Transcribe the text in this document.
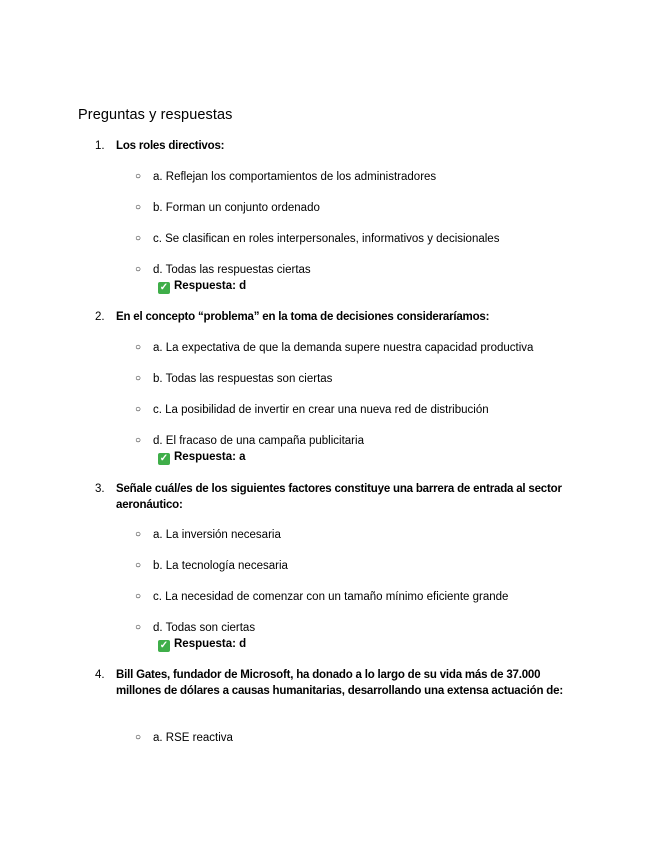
Preguntas y respuestas
1. Los roles directivos:
○	a. Reflejan los comportamientos de los administradores
○	b. Forman un conjunto ordenado
○	c. Se clasifican en roles interpersonales, informativos y decisionales
○	d. Todas las respuestas ciertas
✓ Respuesta: d
2. En el concepto “problema” en la toma de decisiones consideraríamos:
○	a. La expectativa de que la demanda supere nuestra capacidad productiva
○	b. Todas las respuestas son ciertas
○	c. La posibilidad de invertir en crear una nueva red de distribución
○	d. El fracaso de una campaña publicitaria
✓ Respuesta: a
3. Señale cuál/es de los siguientes factores constituye una barrera de entrada al sector aeronáutico:
○	a. La inversión necesaria
○	b. La tecnología necesaria
○	c. La necesidad de comenzar con un tamaño mínimo eficiente grande
○	d. Todas son ciertas
✓ Respuesta: d
4. Bill Gates, fundador de Microsoft, ha donado a lo largo de su vida más de 37.000 millones de dólares a causas humanitarias, desarrollando una extensa actuación de:
○	a. RSE reactiva
